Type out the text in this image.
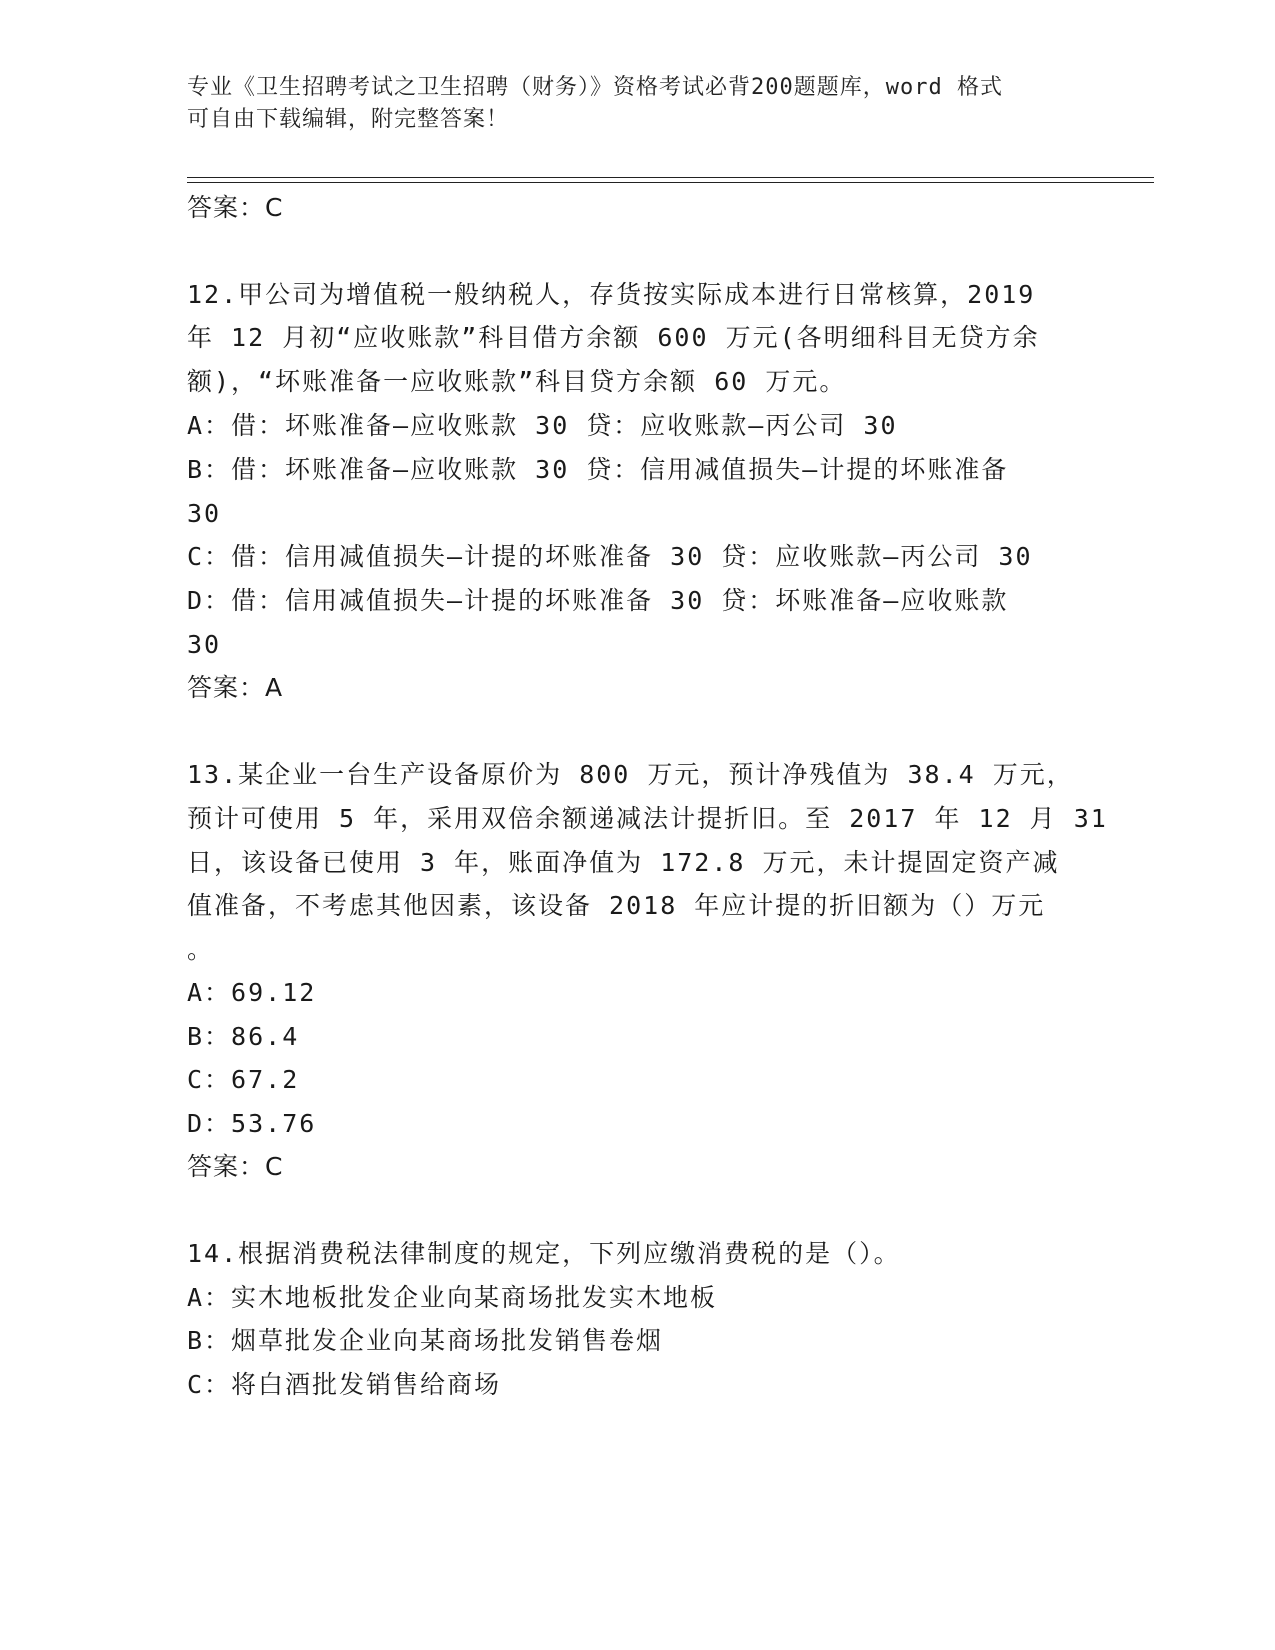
专业《卫生招聘考试之卫生招聘（财务）》资格考试必背200题题库，word 格式
可自由下载编辑，附完整答案！
答案：C
12.甲公司为增值税一般纳税人，存货按实际成本进行日常核算，2019
年 12 月初“应收账款”科目借方余额 600 万元(各明细科目无贷方余
额)，“坏账准备一应收账款”科目贷方余额 60 万元。
A：借：坏账准备—应收账款 30 贷：应收账款—丙公司 30
B：借：坏账准备—应收账款 30 贷：信用减值损失—计提的坏账准备
30
C：借：信用减值损失—计提的坏账准备 30 贷：应收账款—丙公司 30
D：借：信用减值损失—计提的坏账准备 30 贷：坏账准备—应收账款
30
答案：A
13.某企业一台生产设备原价为 800 万元，预计净残值为 38.4 万元，
预计可使用 5 年，采用双倍余额递减法计提折旧。至 2017 年 12 月 31
日，该设备已使用 3 年，账面净值为 172.8 万元，未计提固定资产减
值准备，不考虑其他因素，该设备 2018 年应计提的折旧额为（）万元
。
A：69.12
B：86.4
C：67.2
D：53.76
答案：C
14.根据消费税法律制度的规定，下列应缴消费税的是（）。
A：实木地板批发企业向某商场批发实木地板
B：烟草批发企业向某商场批发销售卷烟
C：将白酒批发销售给商场
